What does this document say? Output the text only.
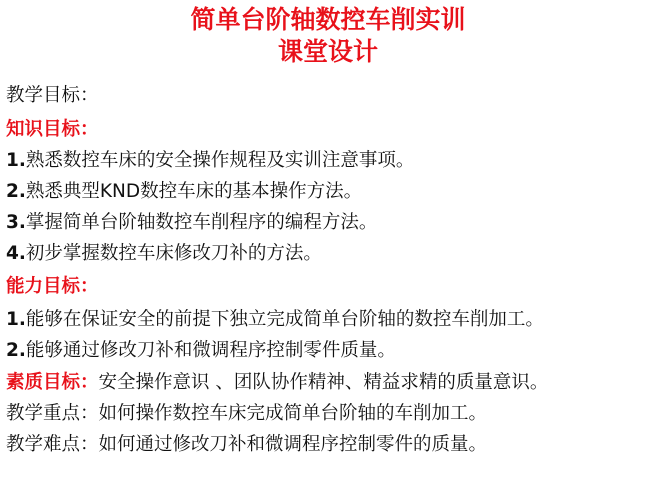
简单台阶轴数控车削实训
课堂设计
教学目标：
知识目标：
1. 熟悉数控车床的安全操作规程及实训注意事项。
2. 熟悉典型KND数控车床的基本操作方法。
3. 掌握简单台阶轴数控车削程序的编程方法。
4. 初步掌握数控车床修改刀补的方法。
能力目标：
1. 能够在保证安全的前提下独立完成简单台阶轴的数控车削加工。
2. 能够通过修改刀补和微调程序控制零件质量。
素质目标： 安全操作意识 、团队协作精神、精益求精的质量意识。
教学重点： 如何操作数控车床完成简单台阶轴的车削加工。
教学难点： 如何通过修改刀补和微调程序控制零件的质量。
